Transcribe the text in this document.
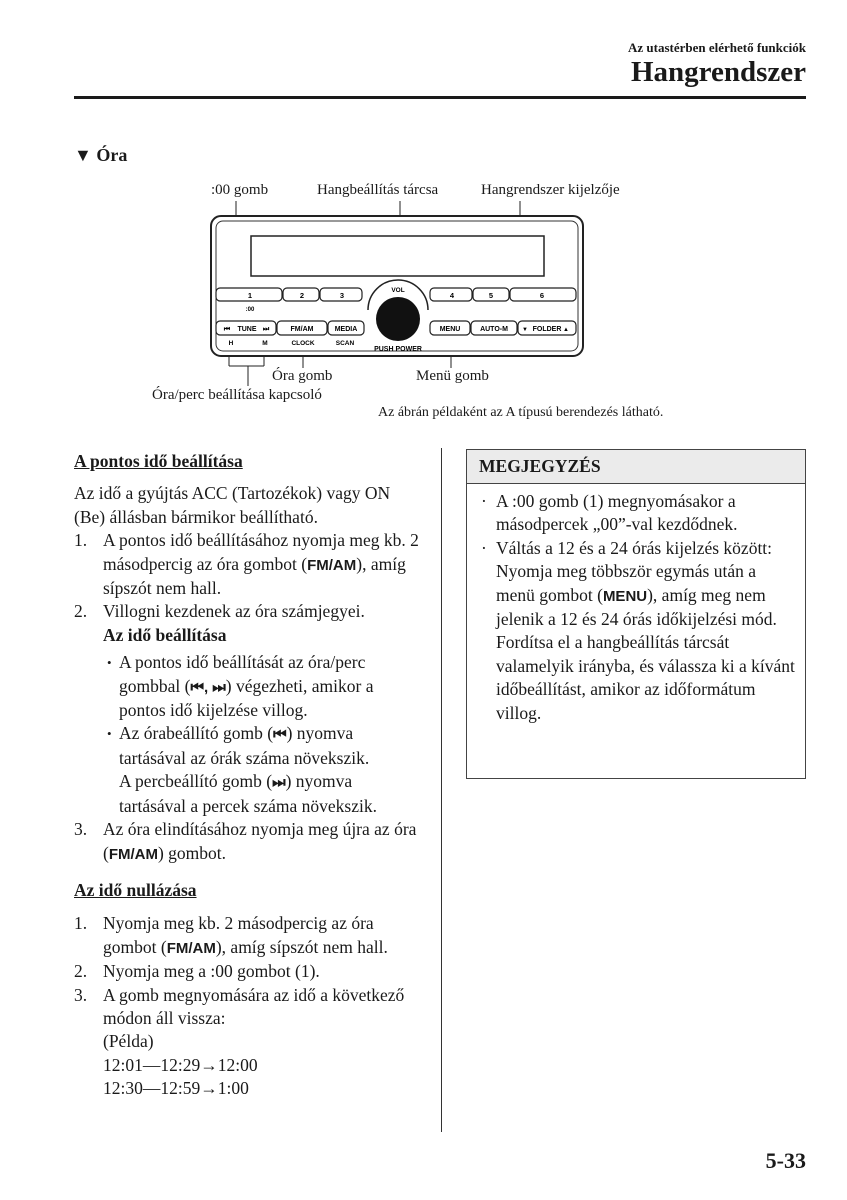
Az utastérben elérhető funkciók
Hangrendszer
▼ Óra
:00 gomb	Hangbeállítás tárcsa	Hangrendszer kijelzője
Óra gomb	Menü gomb
Óra/perc beállítása kapcsoló
VOL
PUSH POWER
1	2	3	4	5	6
:00
⏮ TUNE ⏭	FM/AM	MEDIA	MENU	AUTO-M ▼ FOLDER ▲
H	M	CLOCK	SCAN
Az ábrán példaként az A típusú berendezés látható.

A pontos idő beállítása

Az idő a gyújtás ACC (Tartozékok) vagy ON (Be) állásban bármikor beállítható.

1. A pontos idő beállításához nyomja meg kb. 2 másodpercig az óra gombot (FM/AM), amíg sípszót nem hall.
2. Villogni kezdenek az óra számjegyei.
Az idő beállítása
• A pontos idő beállítását az óra/perc gombbal (⏮, ⏭) végezheti, amikor a pontos idő kijelzése villog.
• Az órabeállító gomb (⏮) nyomva tartásával az órák száma növekszik.
A percbeállító gomb (⏭) nyomva tartásával a percek száma növekszik.
3. Az óra elindításához nyomja meg újra az óra (FM/AM) gombot.

Az idő nullázása

1. Nyomja meg kb. 2 másodpercig az óra gombot (FM/AM), amíg sípszót nem hall.
2. Nyomja meg a :00 gombot (1).
3. A gomb megnyomására az idő a következő módon áll vissza:
(Példa)
12:01―12:29→12:00
12:30―12:59→1:00
MEGJEGYZÉS
· A :00 gomb (1) megnyomásakor a másodpercek „00”-val kezdődnek.
· Váltás a 12 és a 24 órás kijelzés között:
Nyomja meg többször egymás után a menü gombot (MENU), amíg meg nem jelenik a 12 és 24 órás időkijelzési mód. Fordítsa el a hangbeállítás tárcsát valamelyik irányba, és válassza ki a kívánt időbeállítást, amikor az időformátum villog.
5-33
